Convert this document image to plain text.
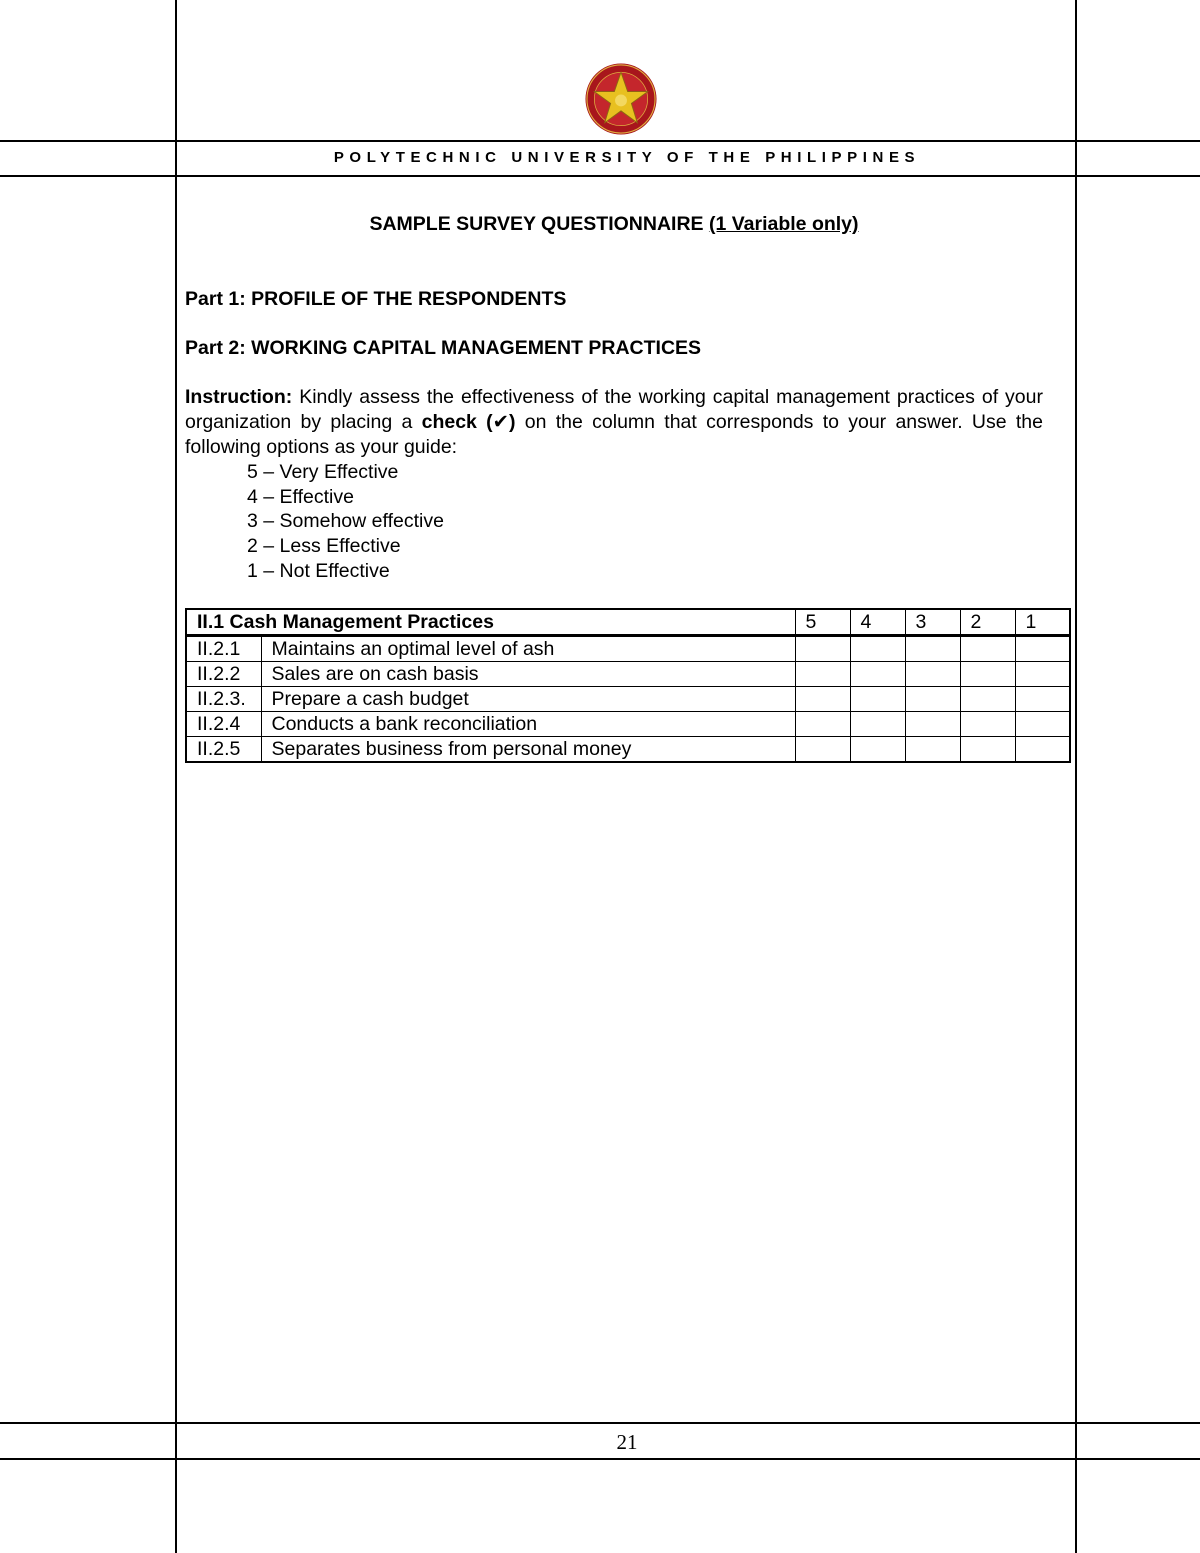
POLYTECHNIC UNIVERSITY OF THE PHILIPPINES

SAMPLE SURVEY QUESTIONNAIRE (1 Variable only)

Part 1: PROFILE OF THE RESPONDENTS

Part 2: WORKING CAPITAL MANAGEMENT PRACTICES

Instruction: Kindly assess the effectiveness of the working capital management practices of your organization by placing a check (✔) on the column that corresponds to your answer. Use the following options as your guide:

5 – Very Effective
4 – Effective
3 – Somehow effective
2 – Less Effective
1 – Not Effective
II.1 Cash Management Practices		5	4	3	2	1
II.2.1	Maintains an optimal level of ash					
II.2.2	Sales are on cash basis					
II.2.3.	Prepare a cash budget					
II.2.4	Conducts a bank reconciliation					
II.2.5	Separates business from personal money					
21
